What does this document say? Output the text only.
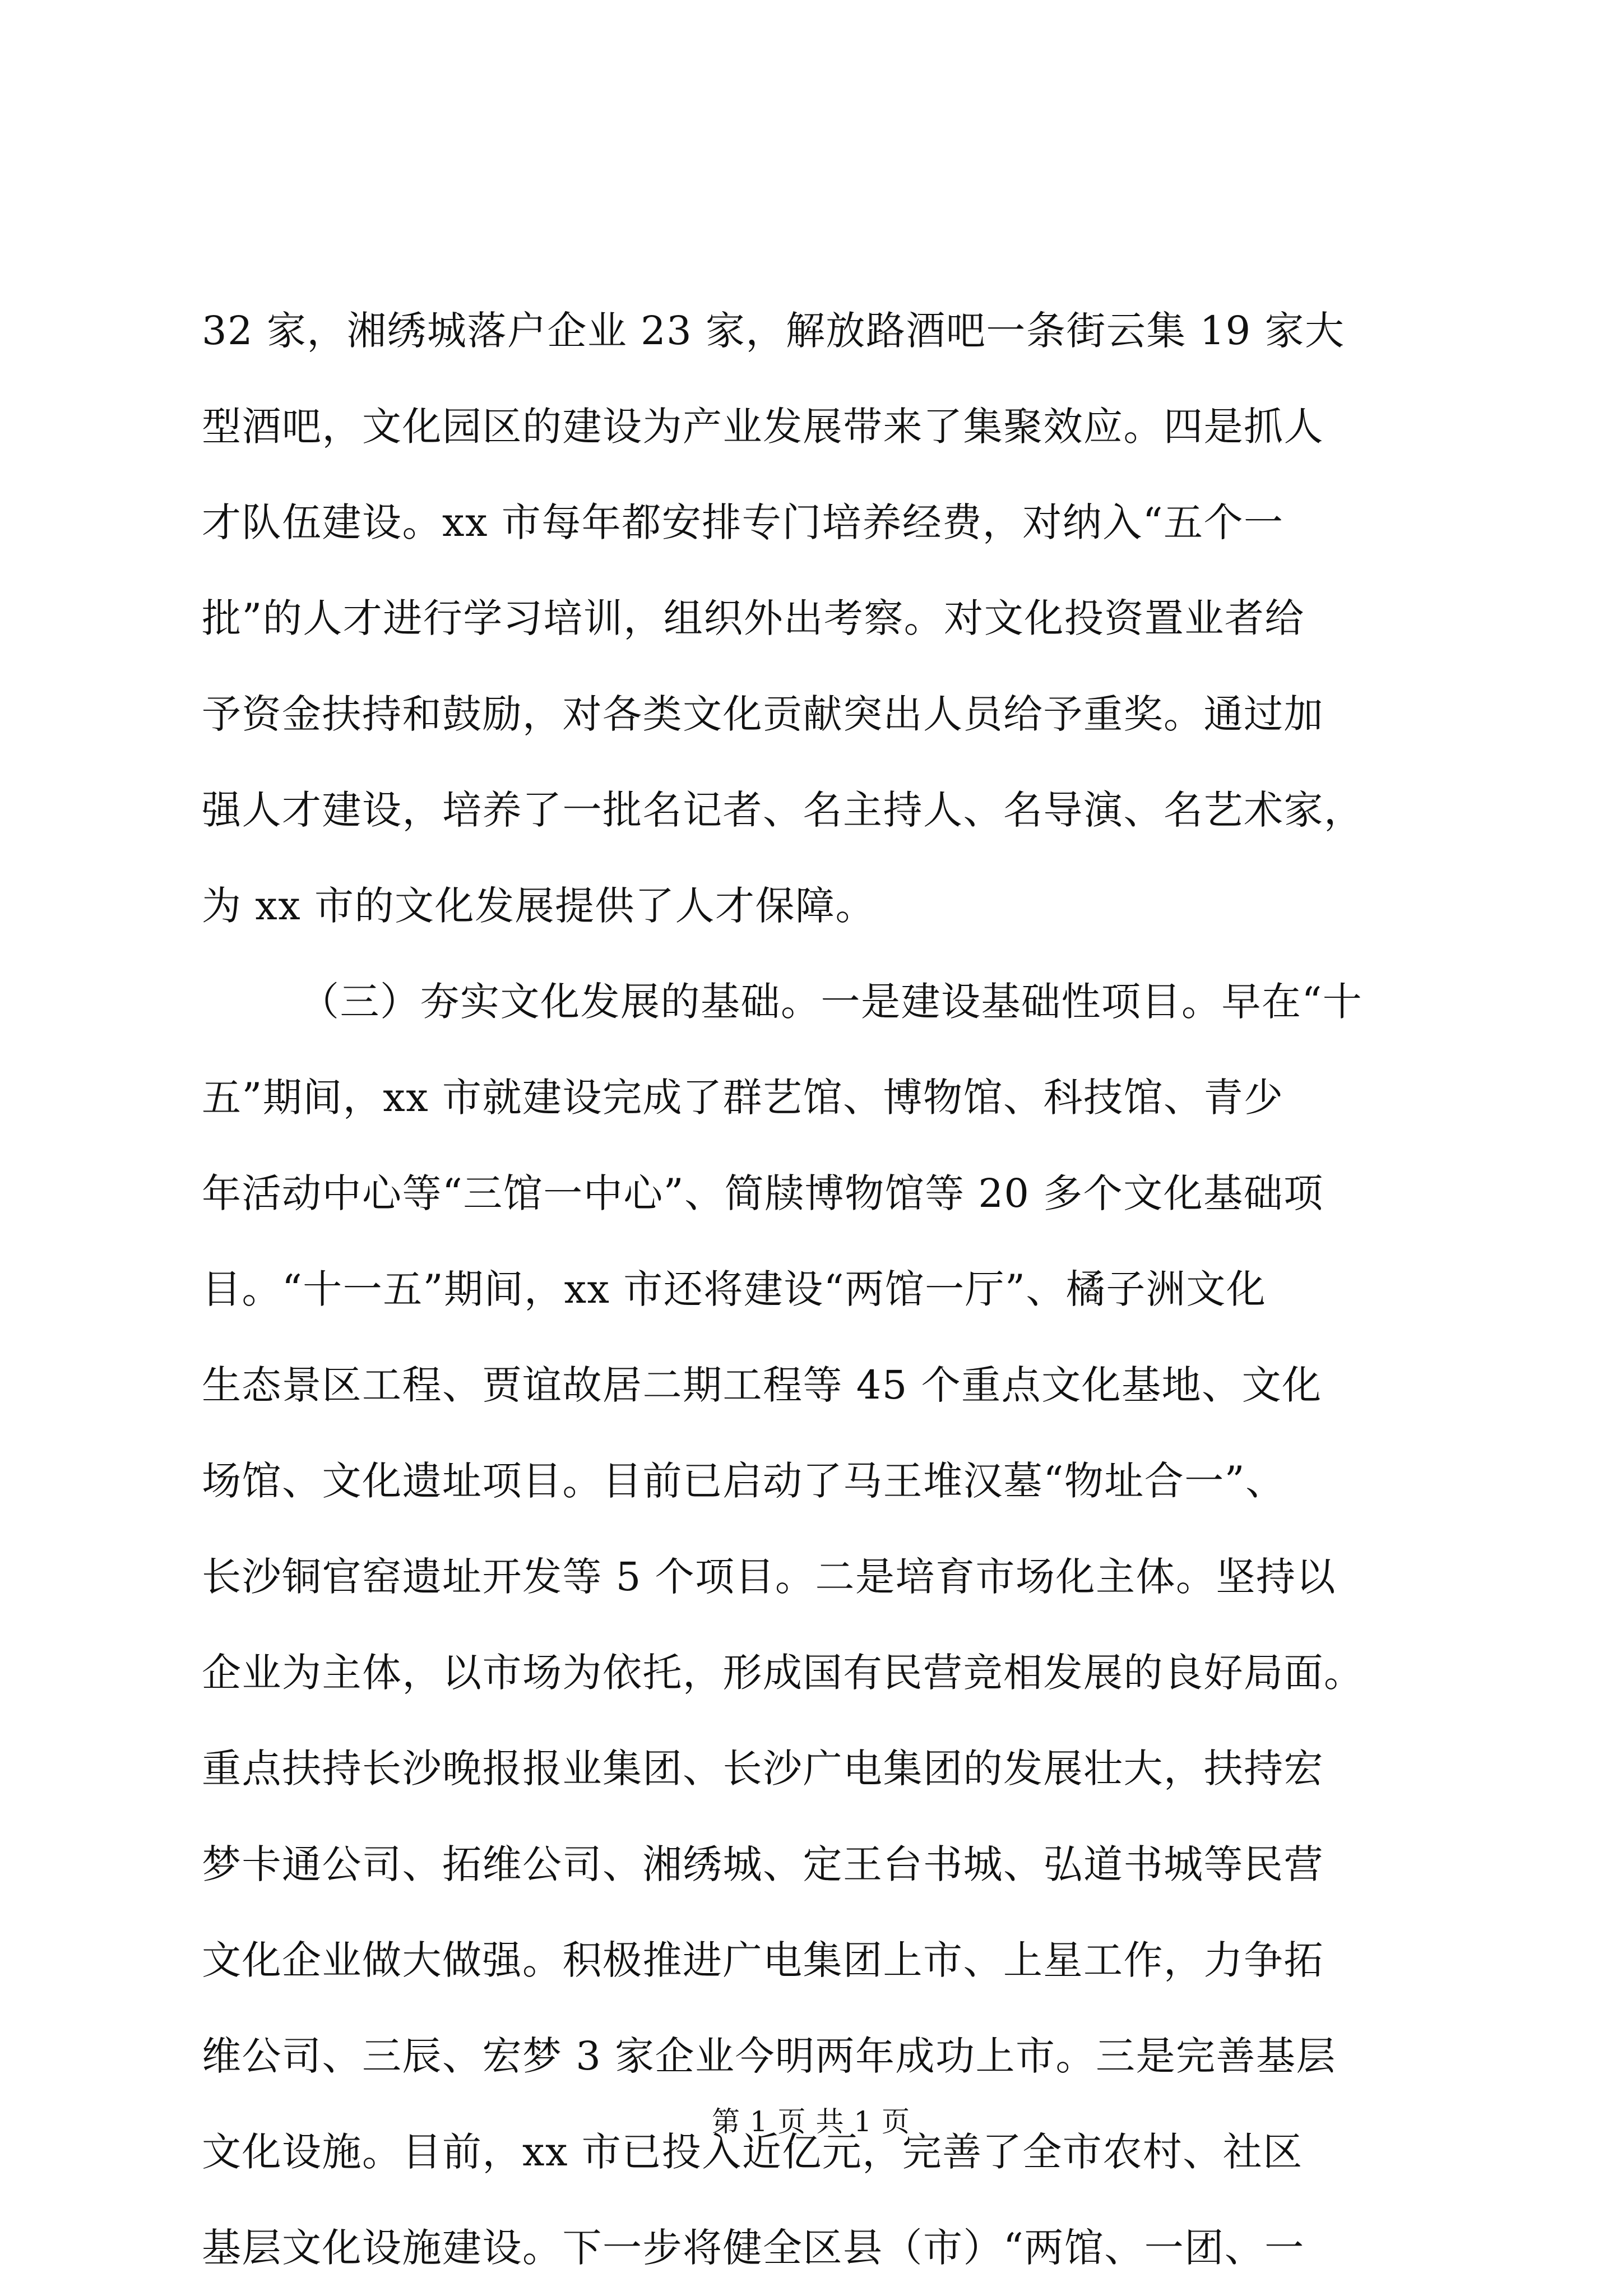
32 家，湘绣城落户企业 23 家，解放路酒吧一条街云集 19 家大
型酒吧，文化园区的建设为产业发展带来了集聚效应。四是抓人
才队伍建设。xx 市每年都安排专门培养经费，对纳入“五个一
批”的人才进行学习培训，组织外出考察。对文化投资置业者给
予资金扶持和鼓励，对各类文化贡献突出人员给予重奖。通过加
强人才建设，培养了一批名记者、名主持人、名导演、名艺术家，
为 xx 市的文化发展提供了人才保障。
（三）夯实文化发展的基础。一是建设基础性项目。早在“十
五”期间，xx 市就建设完成了群艺馆、博物馆、科技馆、青少
年活动中心等“三馆一中心”、简牍博物馆等 20 多个文化基础项
目。“十一五”期间，xx 市还将建设“两馆一厅”、橘子洲文化
生态景区工程、贾谊故居二期工程等 45 个重点文化基地、文化
场馆、文化遗址项目。目前已启动了马王堆汉墓“物址合一”、
长沙铜官窑遗址开发等 5 个项目。二是培育市场化主体。坚持以
企业为主体，以市场为依托，形成国有民营竞相发展的良好局面。
重点扶持长沙晚报报业集团、长沙广电集团的发展壮大，扶持宏
梦卡通公司、拓维公司、湘绣城、定王台书城、弘道书城等民营
文化企业做大做强。积极推进广电集团上市、上星工作，力争拓
维公司、三辰、宏梦 3 家企业今明两年成功上市。三是完善基层
文化设施。目前，xx 市已投入近亿元，完善了全市农村、社区
基层文化设施建设。下一步将健全区县（市）“两馆、一团、一
第 1 页 共 1 页
